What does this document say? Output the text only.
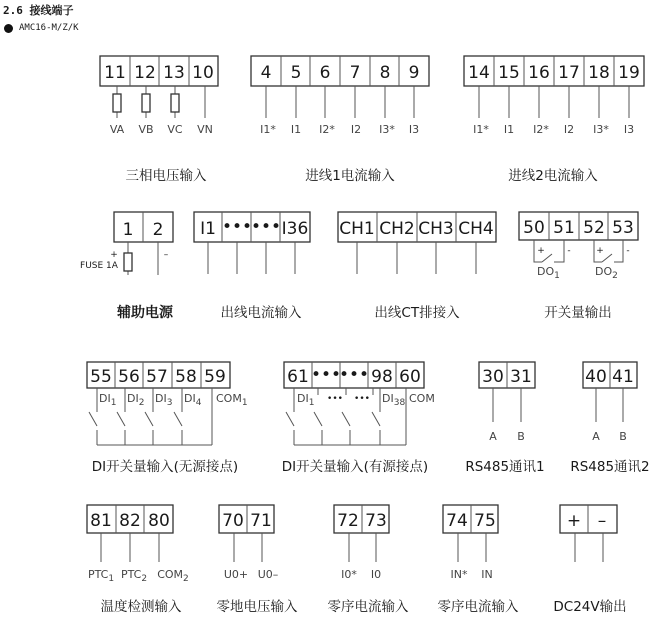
2.6 接线端子
AMC16-M/Z/K
11 12 13 10
VA VB VC VN
三相电压输入
4 5 6 7 8 9
I1* I1 I2* I2 I3* I3
进线1电流输入
14 15 16 17 18 19
I1* I1 I2* I2 I3* I3
进线2电流输入
1 2
+	–
FUSE 1A
辅助电源
I1 •••
••• I36
出线电流输入
CH1 CH2 CH3 CH4
出线CT排接入
50 51 52 53
+	-
$DO_1$
+	-
$DO_2$
开关量输出
55 56 57 58 59
$DI_1$ $DI_2$ $DI_3$ $DI_4$ $COM_1$
DI开关量输入(无源接点)
61 •••
••• 98 60
$DI_1$ ••• ••• $DI_{38}$ COM
DI开关量输入(有源接点)
30 31
A B
RS485通讯1
40 41
A B
RS485通讯2
81 82 80
$PTC_1$ $PTC_2$ $COM_2$
温度检测输入
70 71
U0+ U0–
零地电压输入
72 73
I0* I0
零序电流输入
74 75
IN* IN
零序电流输入
+ –
DC24V输出
